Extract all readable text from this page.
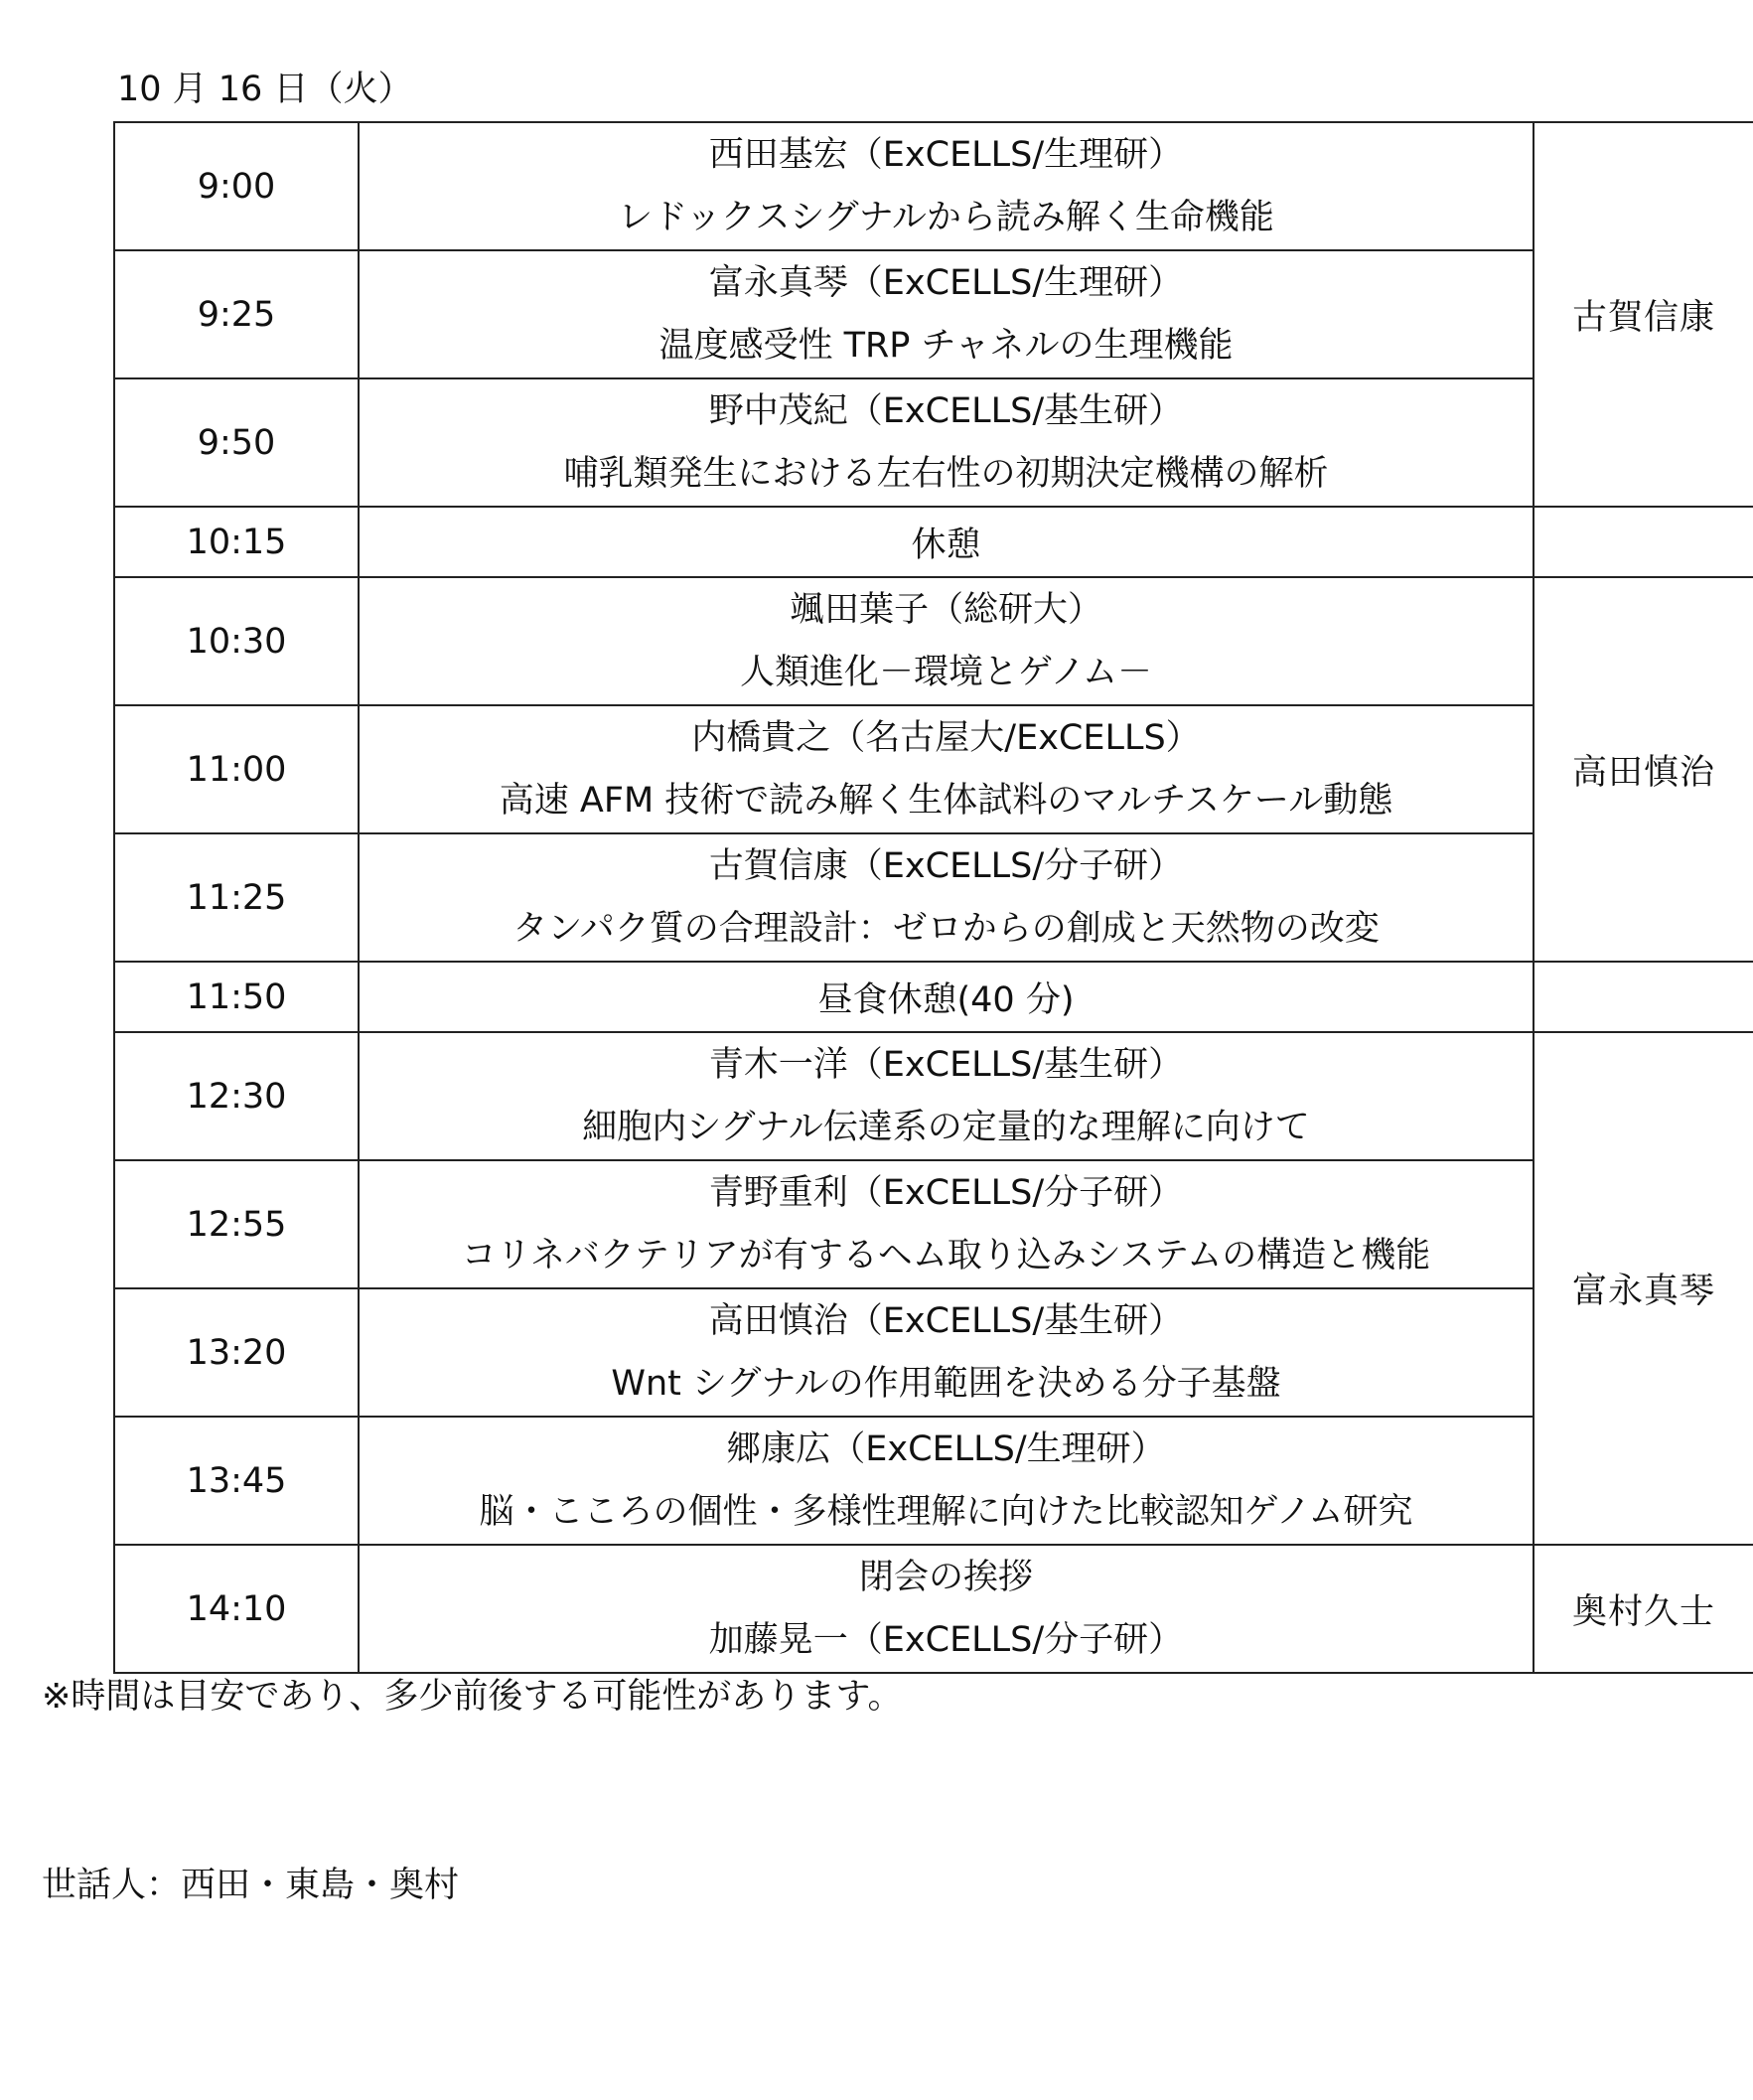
10 月 16 日（火）
9:00	西田基宏（ExCELLS/生理研）
レドックスシグナルから読み解く生命機能	古賀信康
9:25	富永真琴（ExCELLS/生理研）
温度感受性 TRP チャネルの生理機能	

9:50	野中茂紀（ExCELLS/基生研）
哺乳類発生における左右性の初期決定機構の解析	

10:15	休憩	
10:30	颯田葉子（総研大）
人類進化－環境とゲノム－	高田慎治
11:00	内橋貴之（名古屋大/ExCELLS）
高速 AFM 技術で読み解く生体試料のマルチスケール動態	

11:25	古賀信康（ExCELLS/分子研）
タンパク質の合理設計：ゼロからの創成と天然物の改変	

11:50	昼食休憩(40 分)	
12:30	青木一洋（ExCELLS/基生研）
細胞内シグナル伝達系の定量的な理解に向けて	富永真琴
12:55	青野重利（ExCELLS/分子研）
コリネバクテリアが有するヘム取り込みシステムの構造と機能	

13:20	高田慎治（ExCELLS/基生研）
Wnt シグナルの作用範囲を決める分子基盤	

13:45	郷康広（ExCELLS/生理研）
脳・こころの個性・多様性理解に向けた比較認知ゲノム研究	

14:10	閉会の挨拶
加藤晃一（ExCELLS/分子研）	奥村久士
※時間は目安であり、多少前後する可能性があります。
世話人：西田・東島・奥村
